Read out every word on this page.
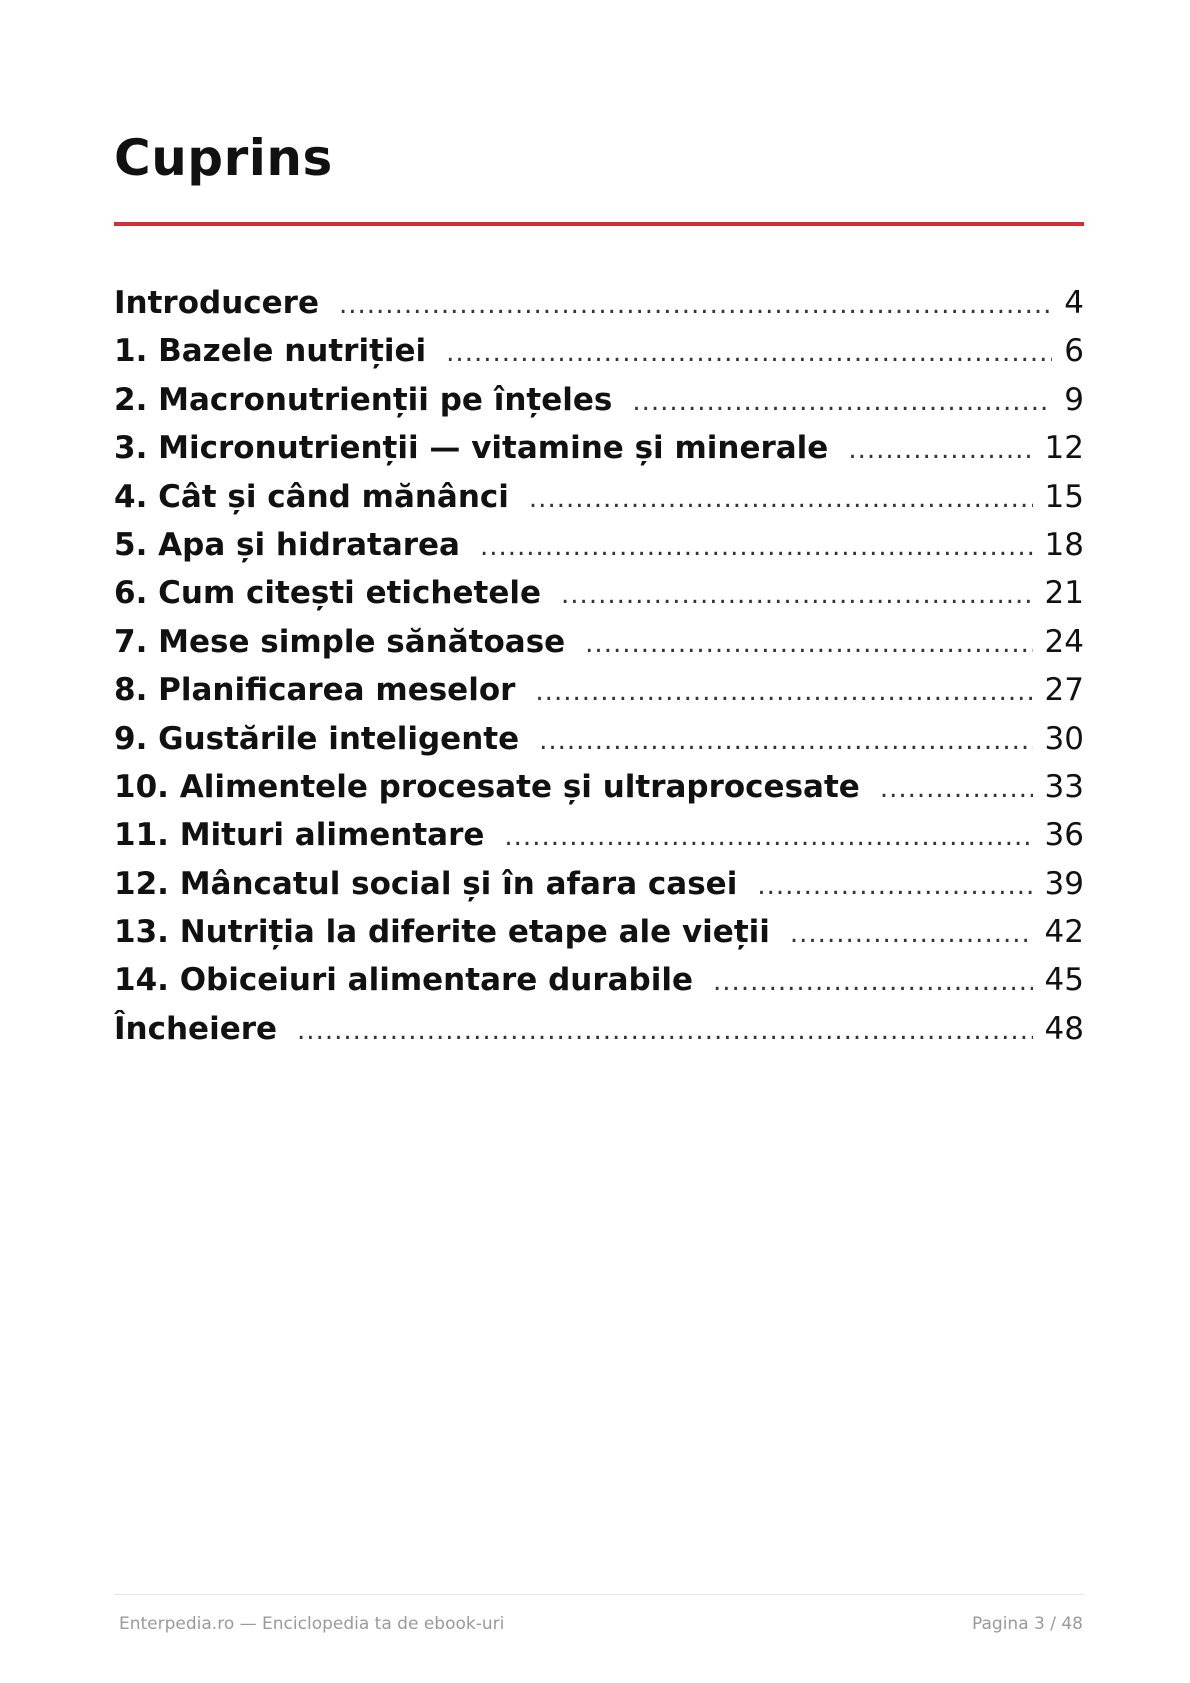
Cuprins
Introducere .....	4
1. Bazele nutriției .....	6
2. Macronutrienții pe înțeles .....	9
3. Micronutrienții — vitamine și minerale .....	12
4. Cât și când mănânci .....	15
5. Apa și hidratarea .....	18
6. Cum citești etichetele .....	21
7. Mese simple sănătoase .....	24
8. Planificarea meselor .....	27
9. Gustările inteligente .....	30
10. Alimentele procesate și ultraprocesate .....	33
11. Mituri alimentare .....	36
12. Mâncatul social și în afara casei .....	39
13. Nutriția la diferite etape ale vieții .....	42
14. Obiceiuri alimentare durabile .....	45
Încheiere .....	48
Enterpedia.ro — Enciclopedia ta de ebook-uri	Pagina 3 / 48
